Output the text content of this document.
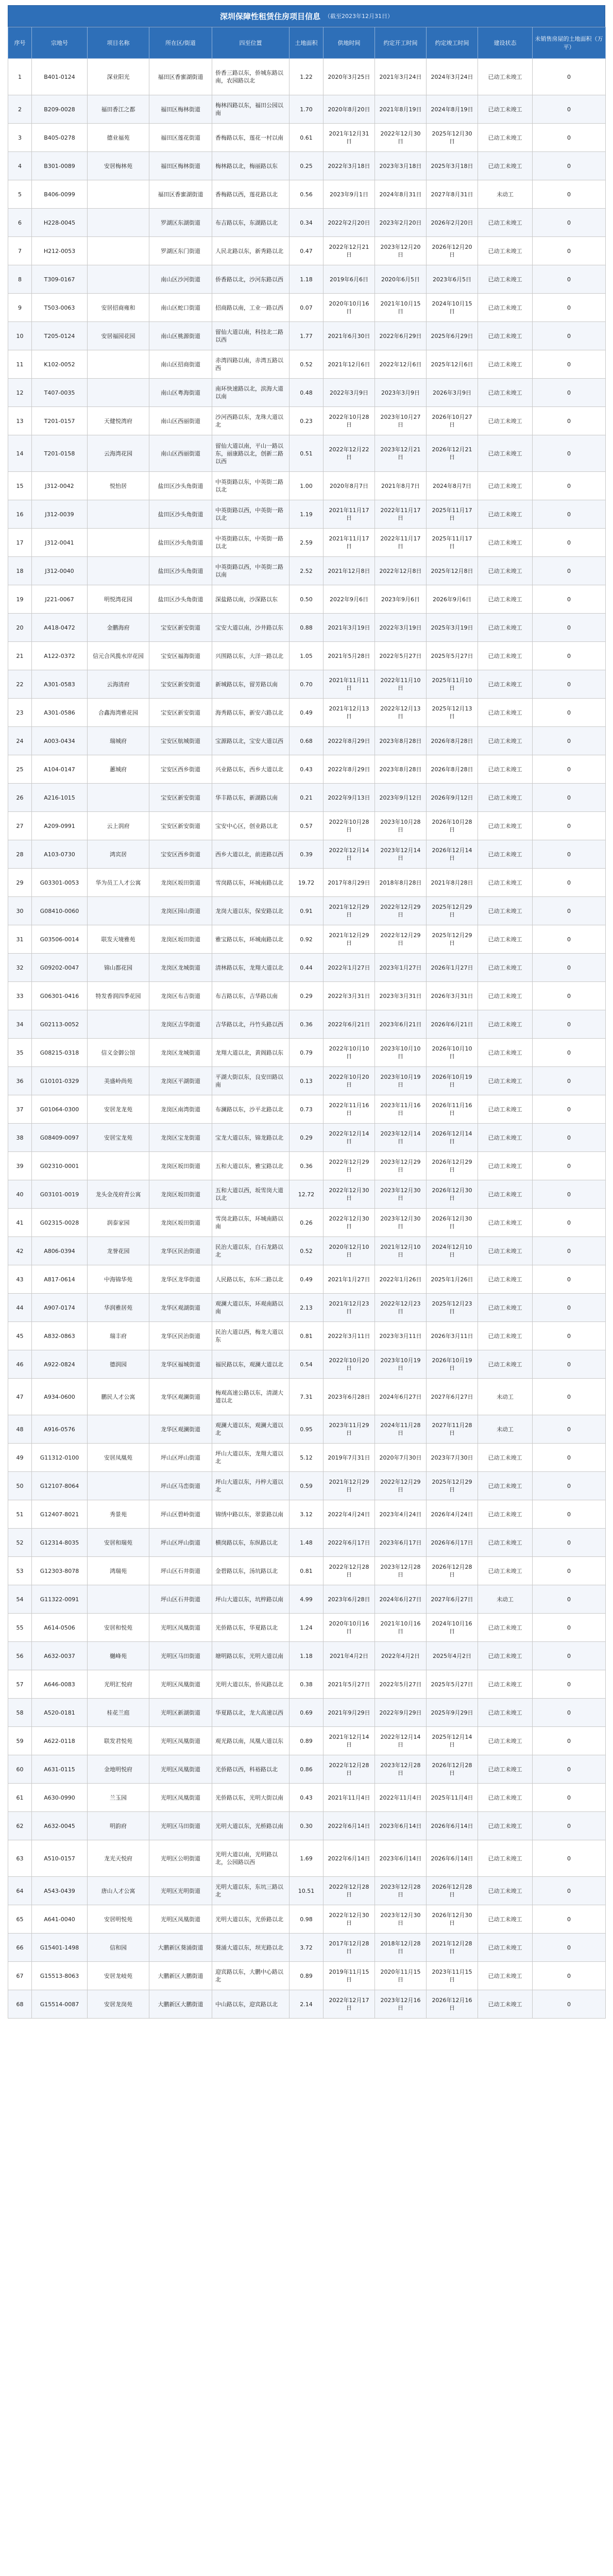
深圳保障性租赁住房项目信息 （截至2023年12月31日）
序号	宗地号	项目名称	所在区/街道	四至位置	土地面积	供地时间	约定开工时间	约定竣工时间	建设状态	未销售房屋的土地面积（万平）
1	B401-0124	深业阳光	福田区香蜜湖街道	侨香三路以东，侨城东路以南，农园路以北	1.22	2020年3月25日	2021年3月24日	2024年3月24日	已动工未竣工	0
2	B209-0028	福田香江之都	福田区梅林街道	梅林四路以东，福田公园以南	1.70	2020年8月20日	2021年8月19日	2024年8月19日	已动工未竣工	0
3	B405-0278	德业福苑	福田区莲花街道	香梅路以东，莲花一村以南	0.61	2021年12月31日	2022年12月30日	2025年12月30日	已动工未竣工	0
4	B301-0089	安居梅林苑	福田区梅林街道	梅林路以北，梅丽路以东	0.25	2022年3月18日	2023年3月18日	2025年3月18日	已动工未竣工	0
5	B406-0099		福田区香蜜湖街道	香梅路以西，莲花路以北	0.56	2023年9月1日	2024年8月31日	2027年8月31日	未动工	0
6	H228-0045		罗湖区东湖街道	布吉路以东，东湖路以北	0.34	2022年2月20日	2023年2月20日	2026年2月20日	已动工未竣工	0
7	H212-0053		罗湖区东门街道	人民北路以东，新秀路以北	0.47	2022年12月21日	2023年12月20日	2026年12月20日	已动工未竣工	0
8	T309-0167		南山区沙河街道	侨香路以北，沙河东路以西	1.18	2019年6月6日	2020年6月5日	2023年6月5日	已动工未竣工	0
9	T503-0063	安居招商雍和	南山区蛇口街道	招商路以南，工业一路以西	0.07	2020年10月16日	2021年10月15日	2024年10月15日	已动工未竣工	0
10	T205-0124	安居福园花园	南山区桃源街道	留仙大道以南，科技北二路以西	1.77	2021年6月30日	2022年6月29日	2025年6月29日	已动工未竣工	0
11	K102-0052		南山区招商街道	赤湾四路以南，赤湾五路以西	0.52	2021年12月6日	2022年12月6日	2025年12月6日	已动工未竣工	0
12	T407-0035		南山区粤海街道	南环快速路以北，滨海大道以南	0.48	2022年3月9日	2023年3月9日	2026年3月9日	已动工未竣工	0
13	T201-0157	天健悦湾府	南山区西丽街道	沙河西路以东，龙珠大道以北	0.23	2022年10月28日	2023年10月27日	2026年10月27日	已动工未竣工	0
14	T201-0158	云海湾花园	南山区西丽街道	留仙大道以南，平山一路以东，丽康路以北，创新二路以西	0.51	2022年12月22日	2023年12月21日	2026年12月21日	已动工未竣工	0
15	J312-0042	悦怡居	盐田区沙头角街道	中英街路以东，中英街二路以北	1.00	2020年8月7日	2021年8月7日	2024年8月7日	已动工未竣工	0
16	J312-0039		盐田区沙头角街道	中英街路以西，中英街一路以北	1.19	2021年11月17日	2022年11月17日	2025年11月17日	已动工未竣工	0
17	J312-0041		盐田区沙头角街道	中英街路以东，中英街一路以北	2.59	2021年11月17日	2022年11月17日	2025年11月17日	已动工未竣工	0
18	J312-0040		盐田区沙头角街道	中英街路以西，中英街二路以南	2.52	2021年12月8日	2022年12月8日	2025年12月8日	已动工未竣工	0
19	J221-0067	明悦湾花园	盐田区沙头角街道	深盐路以南，沙深路以东	0.50	2022年9月6日	2023年9月6日	2026年9月6日	已动工未竣工	0
20	A418-0472	金鹏海府	宝安区新安街道	宝安大道以南，沙井路以东	0.88	2021年3月19日	2022年3月19日	2025年3月19日	已动工未竣工	0
21	A122-0372	信元合风揽水岸花园	宝安区福海街道	兴围路以东，大洋一路以北	1.05	2021年5月28日	2022年5月27日	2025年5月27日	已动工未竣工	0
22	A301-0583	云海清府	宝安区新安街道	新城路以东，留芳路以南	0.70	2021年11月11日	2022年11月10日	2025年11月10日	已动工未竣工	0
23	A301-0586	合鑫海湾雅花园	宝安区新安街道	海秀路以东，新安六路以北	0.49	2021年12月13日	2022年12月13日	2025年12月13日	已动工未竣工	0
24	A003-0434	瑞城府	宝安区航城街道	宝源路以北，宝安大道以西	0.68	2022年8月29日	2023年8月28日	2026年8月28日	已动工未竣工	0
25	A104-0147	蕙城府	宝安区西乡街道	兴业路以东，西乡大道以北	0.43	2022年8月29日	2023年8月28日	2026年8月28日	已动工未竣工	0
26	A216-1015		宝安区新安街道	华丰路以东，新湖路以南	0.21	2022年9月13日	2023年9月12日	2026年9月12日	已动工未竣工	0
27	A209-0991	云上润府	宝安区新安街道	宝安中心区，创业路以北	0.57	2022年10月28日	2023年10月28日	2026年10月28日	已动工未竣工	0
28	A103-0730	鸿宾居	宝安区西乡街道	西乡大道以北，前进路以西	0.39	2022年12月14日	2023年12月14日	2026年12月14日	已动工未竣工	0
29	G03301-0053	华为员工人才公寓	龙岗区坂田街道	雪岗路以东，环城南路以北	19.72	2017年8月29日	2018年8月28日	2021年8月28日	已动工未竣工	0
30	G08410-0060		龙岗区园山街道	龙岗大道以东，保安路以北	0.91	2021年12月29日	2022年12月29日	2025年12月29日	已动工未竣工	0
31	G03506-0014	联发天境雅苑	龙岗区坂田街道	雅宝路以东，环城南路以北	0.92	2021年12月29日	2022年12月29日	2025年12月29日	已动工未竣工	0
32	G09202-0047	锦山都花园	龙岗区龙城街道	清林路以东，龙翔大道以北	0.44	2022年1月27日	2023年1月27日	2026年1月27日	已动工未竣工	0
33	G06301-0416	特发香润四季花园	龙岗区布吉街道	布吉路以东，吉华路以南	0.29	2022年3月31日	2023年3月31日	2026年3月31日	已动工未竣工	0
34	G02113-0052		龙岗区吉华街道	吉华路以北，丹竹头路以西	0.36	2022年6月21日	2023年6月21日	2026年6月21日	已动工未竣工	0
35	G08215-0318	信义金御公馆	龙岗区龙城街道	龙翔大道以北，黄阁路以东	0.79	2022年10月10日	2023年10月10日	2026年10月10日	已动工未竣工	0
36	G10101-0329	美盛岭尚苑	龙岗区平湖街道	平湖大街以东，良安田路以南	0.13	2022年10月20日	2023年10月19日	2026年10月19日	已动工未竣工	0
37	G01064-0300	安居龙龙苑	龙岗区南湾街道	布澜路以东，沙平北路以北	0.73	2022年11月16日	2023年11月16日	2026年11月16日	已动工未竣工	0
38	G08409-0097	安居宝龙苑	龙岗区宝龙街道	宝龙大道以东，锦龙路以北	0.29	2022年12月14日	2023年12月14日	2026年12月14日	已动工未竣工	0
39	G02310-0001		龙岗区坂田街道	五和大道以东，雅宝路以北	0.36	2022年12月29日	2023年12月29日	2026年12月29日	已动工未竣工	0
40	G03101-0019	龙头金茂府青公寓	龙岗区坂田街道	五和大道以西，坂雪岗大道以北	12.72	2022年12月30日	2023年12月30日	2026年12月30日	已动工未竣工	0
41	G02315-0028	润泰家园	龙岗区坂田街道	雪岗北路以东，环城南路以南	0.26	2022年12月30日	2023年12月30日	2026年12月30日	已动工未竣工	0
42	A806-0394	龙誉花园	龙华区民治街道	民治大道以东，白石龙路以北	0.52	2020年12月10日	2021年12月10日	2024年12月10日	已动工未竣工	0
43	A817-0614	中海锦华苑	龙华区龙华街道	人民路以东，东环二路以北	0.49	2021年1月27日	2022年1月26日	2025年1月26日	已动工未竣工	0
44	A907-0174	华润雅居苑	龙华区观湖街道	观澜大道以东，环观南路以南	2.13	2021年12月23日	2022年12月23日	2025年12月23日	已动工未竣工	0
45	A832-0863	瑞丰府	龙华区民治街道	民治大道以西，梅龙大道以东	0.81	2022年3月11日	2023年3月11日	2026年3月11日	已动工未竣工	0
46	A922-0824	德润园	龙华区福城街道	福民路以东，观澜大道以北	0.54	2022年10月20日	2023年10月19日	2026年10月19日	已动工未竣工	0
47	A934-0600	鹏民人才公寓	龙华区观澜街道	梅观高速公路以东，清湖大道以北	7.31	2023年6月28日	2024年6月27日	2027年6月27日	未动工	0
48	A916-0576		龙华区观澜街道	观澜大道以东，观澜大道以北	0.95	2023年11月29日	2024年11月28日	2027年11月28日	未动工	0
49	G11312-0100	安居凤凰苑	坪山区坪山街道	坪山大道以东，龙翔大道以北	5.12	2019年7月31日	2020年7月30日	2023年7月30日	已动工未竣工	0
50	G12107-8064		坪山区马峦街道	坪山大道以东，丹梓大道以北	0.59	2021年12月29日	2022年12月29日	2025年12月29日	已动工未竣工	0
51	G12407-8021	秀景苑	坪山区碧岭街道	锦绣中路以东，翠景路以南	3.12	2022年4月24日	2023年4月24日	2026年4月24日	已动工未竣工	0
52	G12314-8035	安居和瑞苑	坪山区坪山街道	横岗路以东，东纵路以北	1.48	2022年6月17日	2023年6月17日	2026年6月17日	已动工未竣工	0
53	G12303-8078	鸿瑞苑	坪山区石井街道	金碧路以东，汤坑路以北	0.81	2022年12月28日	2023年12月28日	2026年12月28日	已动工未竣工	0
54	G11322-0091		坪山区石井街道	坪山大道以东，坑梓路以南	4.99	2023年6月28日	2024年6月27日	2027年6月27日	未动工	0
55	A614-0506	安居和悦苑	光明区凤凰街道	光侨路以东，华夏路以北	1.24	2020年10月16日	2021年10月16日	2024年10月16日	已动工未竣工	0
56	A632-0037	樾峰苑	光明区马田街道	塘明路以东，光明大道以南	1.18	2021年4月2日	2022年4月2日	2025年4月2日	已动工未竣工	0
57	A646-0083	光明汇悦府	光明区凤凰街道	光明大道以东，侨凤路以北	0.38	2021年5月27日	2022年5月27日	2025年5月27日	已动工未竣工	0
58	A520-0181	桂花兰庭	光明区新湖街道	华夏路以北，龙大高速以西	0.69	2021年9月29日	2022年9月29日	2025年9月29日	已动工未竣工	0
59	A622-0118	联发君悦苑	光明区凤凰街道	观光路以南，凤凰大道以东	0.89	2021年12月14日	2022年12月14日	2025年12月14日	已动工未竣工	0
60	A631-0115	金地明悦府	光明区凤凰街道	光侨路以西，科裕路以北	0.86	2022年12月28日	2023年12月28日	2026年12月28日	已动工未竣工	0
61	A630-0990	兰玉园	光明区凤凰街道	光侨路以东，光明大街以南	0.43	2021年11月4日	2022年11月4日	2025年11月4日	已动工未竣工	0
62	A632-0045	明韵府	光明区马田街道	光明大道以东，光桥路以南	0.30	2022年6月14日	2023年6月14日	2026年6月14日	已动工未竣工	0
63	A510-0157	龙光天悦府	光明区公明街道	光明大道以南，光明路以北，公园路以西	1.69	2022年6月14日	2023年6月14日	2026年6月14日	已动工未竣工	0
64	A543-0439	唐山人才公寓	光明区光明街道	光明大道以东，东坑三路以北	10.51	2022年12月28日	2023年12月28日	2026年12月28日	已动工未竣工	0
65	A641-0040	安居明悦苑	光明区凤凰街道	光明大道以东，光侨路以北	0.98	2022年12月30日	2023年12月30日	2026年12月30日	已动工未竣工	0
66	G15401-1498	信和园	大鹏新区葵涌街道	葵涌大道以东，坝光路以北	3.72	2017年12月28日	2018年12月28日	2021年12月28日	已动工未竣工	0
67	G15513-8063	安居龙岐苑	大鹏新区大鹏街道	迎宾路以东，大鹏中心路以北	0.89	2019年11月15日	2020年11月15日	2023年11月15日	已动工未竣工	0
68	G15514-0087	安居龙岗苑	大鹏新区大鹏街道	中山路以东，迎宾路以北	2.14	2022年12月17日	2023年12月16日	2026年12月16日	已动工未竣工	0
